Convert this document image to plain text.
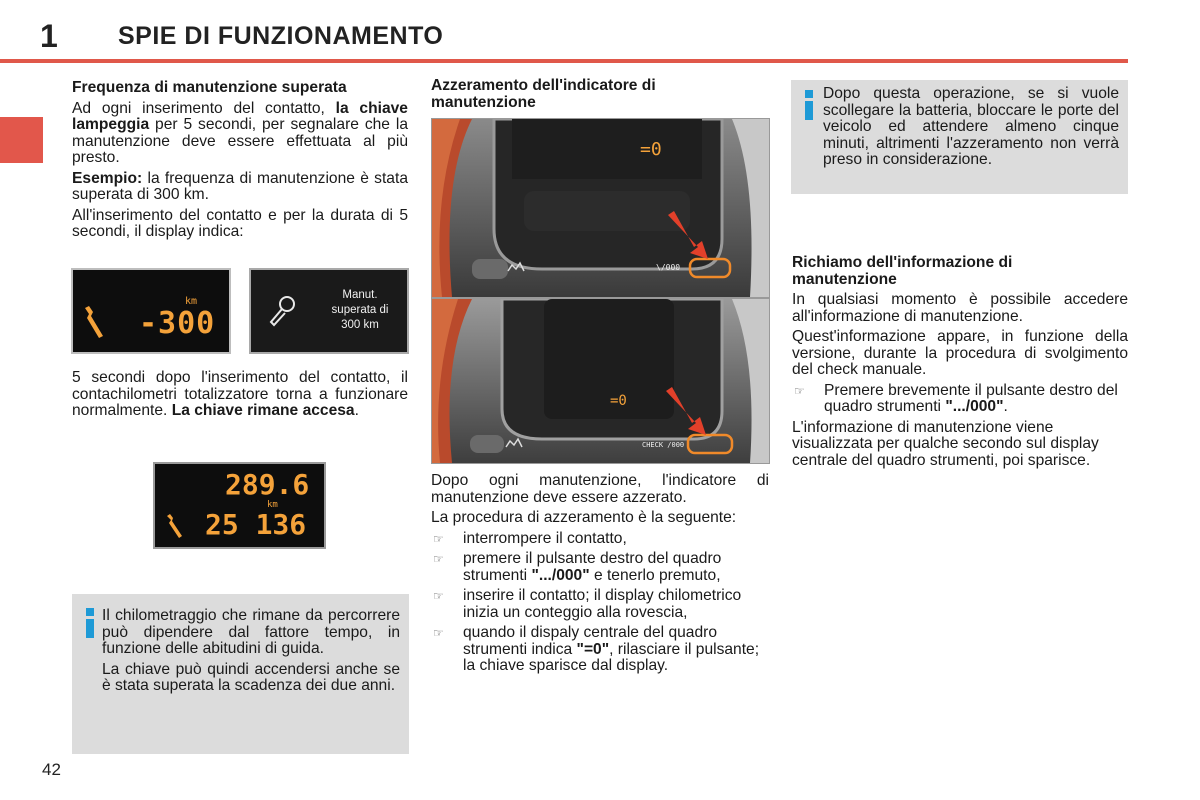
1 SPIE DI FUNZIONAMENTO
Frequenza di manutenzione superata

Ad ogni inserimento del contatto, la chiave lampeggia per 5 secondi, per segnalare che la manutenzione deve essere effettuata al più presto.

Esempio: la frequenza di manutenzione è stata superata di 300 km.

All'inserimento del contatto e per la durata di 5 secondi, il display indica:

km
-300
Manut.
superata di
300 km

5 secondi dopo l'inserimento del contatto, il contachilometri totalizzatore torna a funzionare normalmente. La chiave rimane accesa.

289.6
km
25 136

Il chilometraggio che rimane da percorrere può dipendere dal fattore tempo, in funzione delle abitudini di guida.

La chiave può quindi accendersi anche se è stata superata la scadenza dei due anni.

Azzeramento dell'indicatore di manutenzione
=0
\/000
=0
CHECK /000

Dopo ogni manutenzione, l'indicatore di manutenzione deve essere azzerato.

La procedura di azzeramento è la seguente:

☞	interrompere il contatto,
☞	premere il pulsante destro del quadro strumenti ".../000" e tenerlo premuto,
☞	inserire il contatto; il display chilometrico inizia un conteggio alla rovescia,
☞	quando il dispaly centrale del quadro strumenti indica "=0", rilasciare il pulsante; la chiave sparisce dal display.

Dopo questa operazione, se si vuole scollegare la batteria, bloccare le porte del veicolo ed attendere almeno cinque minuti, altrimenti l'azzeramento non verrà preso in considerazione.

Richiamo dell'informazione di manutenzione

In qualsiasi momento è possibile accedere all'informazione di manutenzione.

Quest'informazione appare, in funzione della versione, durante la procedura di svolgimento del check manuale.

☞	Premere brevemente il pulsante destro del quadro strumenti ".../000".

L'informazione di manutenzione viene visualizzata per qualche secondo sul display centrale del quadro strumenti, poi sparisce.

42
